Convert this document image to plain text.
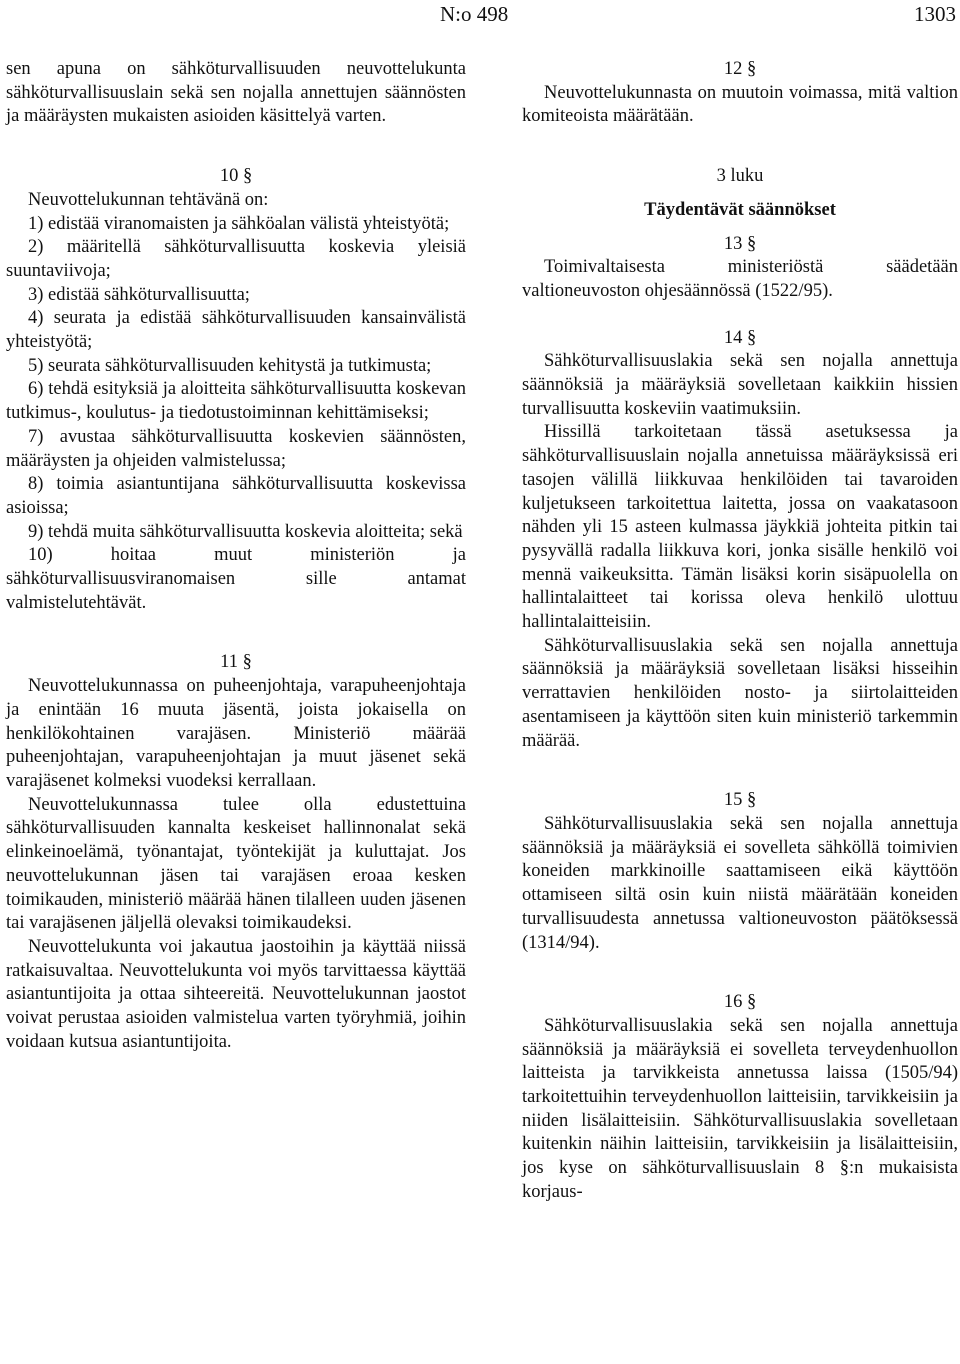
N:o 498	1303

sen apuna on sähköturvallisuuden neuvottelukunta sähköturvallisuuslain sekä sen nojalla annettujen säännösten ja määräysten mukaisten asioiden käsittelyä varten.

10 §

Neuvottelukunnan tehtävänä on:

1) edistää viranomaisten ja sähköalan välistä yhteistyötä;

2) määritellä sähköturvallisuutta koskevia yleisiä suuntaviivoja;

3) edistää sähköturvallisuutta;

4) seurata ja edistää sähköturvallisuuden kansainvälistä yhteistyötä;

5) seurata sähköturvallisuuden kehitystä ja tutkimusta;

6) tehdä esityksiä ja aloitteita sähköturvallisuutta koskevan tutkimus-, koulutus- ja tiedotustoiminnan kehittämiseksi;

7) avustaa sähköturvallisuutta koskevien säännösten, määräysten ja ohjeiden valmistelussa;

8) toimia asiantuntijana sähköturvallisuutta koskevissa asioissa;

9) tehdä muita sähköturvallisuutta koskevia aloitteita; sekä

10) hoitaa muut ministeriön ja sähköturvallisuusviranomaisen sille antamat valmistelutehtävät.

11 §

Neuvottelukunnassa on puheenjohtaja, varapuheenjohtaja ja enintään 16 muuta jäsentä, joista jokaisella on henkilökohtainen varajäsen. Ministeriö määrää puheenjohtajan, varapuheenjohtajan ja muut jäsenet sekä varajäsenet kolmeksi vuodeksi kerrallaan.

Neuvottelukunnassa tulee olla edustettuina sähköturvallisuuden kannalta keskeiset hallinnonalat sekä elinkeinoelämä, työnantajat, työntekijät ja kuluttajat. Jos neuvottelukunnan jäsen tai varajäsen eroaa kesken toimikauden, ministeriö määrää hänen tilalleen uuden jäsenen tai varajäsenen jäljellä olevaksi toimikaudeksi.

Neuvottelukunta voi jakautua jaostoihin ja käyttää niissä ratkaisuvaltaa. Neuvottelukunta voi myös tarvittaessa käyttää asiantuntijoita ja ottaa sihteereitä. Neuvottelukunnan jaostot voivat perustaa asioiden valmistelua varten työryhmiä, joihin voidaan kutsua asiantuntijoita.

12 §

Neuvottelukunnasta on muutoin voimassa, mitä valtion komiteoista määrätään.

3 luku
Täydentävät säännökset
13 §

Toimivaltaisesta ministeriöstä säädetään valtioneuvoston ohjesäännössä (1522/95).

14 §

Sähköturvallisuuslakia sekä sen nojalla annettuja säännöksiä ja määräyksiä sovelletaan kaikkiin hissien turvallisuutta koskeviin vaatimuksiin.

Hissillä tarkoitetaan tässä asetuksessa ja sähköturvallisuuslain nojalla annetuissa määräyksissä eri tasojen välillä liikkuvaa henkilöiden tai tavaroiden kuljetukseen tarkoitettua laitetta, jossa on vaakatasoon nähden yli 15 asteen kulmassa jäykkiä johteita pitkin tai pysyvällä radalla liikkuva kori, jonka sisälle henkilö voi mennä vaikeuksitta. Tämän lisäksi korin sisäpuolella on hallintalaitteet tai korissa oleva henkilö ulottuu hallintalaitteisiin.

Sähköturvallisuuslakia sekä sen nojalla annettuja säännöksiä ja määräyksiä sovelletaan lisäksi hisseihin verrattavien henkilöiden nosto- ja siirtolaitteiden asentamiseen ja käyttöön siten kuin ministeriö tarkemmin määrää.

15 §

Sähköturvallisuuslakia sekä sen nojalla annettuja säännöksiä ja määräyksiä ei sovelleta sähköllä toimivien koneiden markkinoille saattamiseen eikä käyttöön ottamiseen siltä osin kuin niistä määrätään koneiden turvallisuudesta annetussa valtioneuvoston päätöksessä (1314/94).

16 §

Sähköturvallisuuslakia sekä sen nojalla annettuja säännöksiä ja määräyksiä ei sovelleta terveydenhuollon laitteista ja tarvikkeista annetussa laissa (1505/94) tarkoitettuihin terveydenhuollon laitteisiin, tarvikkeisiin ja niiden lisälaitteisiin. Sähköturvallisuuslakia sovelletaan kuitenkin näihin laitteisiin, tarvikkeisiin ja lisälaitteisiin, jos kyse on sähköturvallisuuslain 8 §:n mukaisista korjaus-
